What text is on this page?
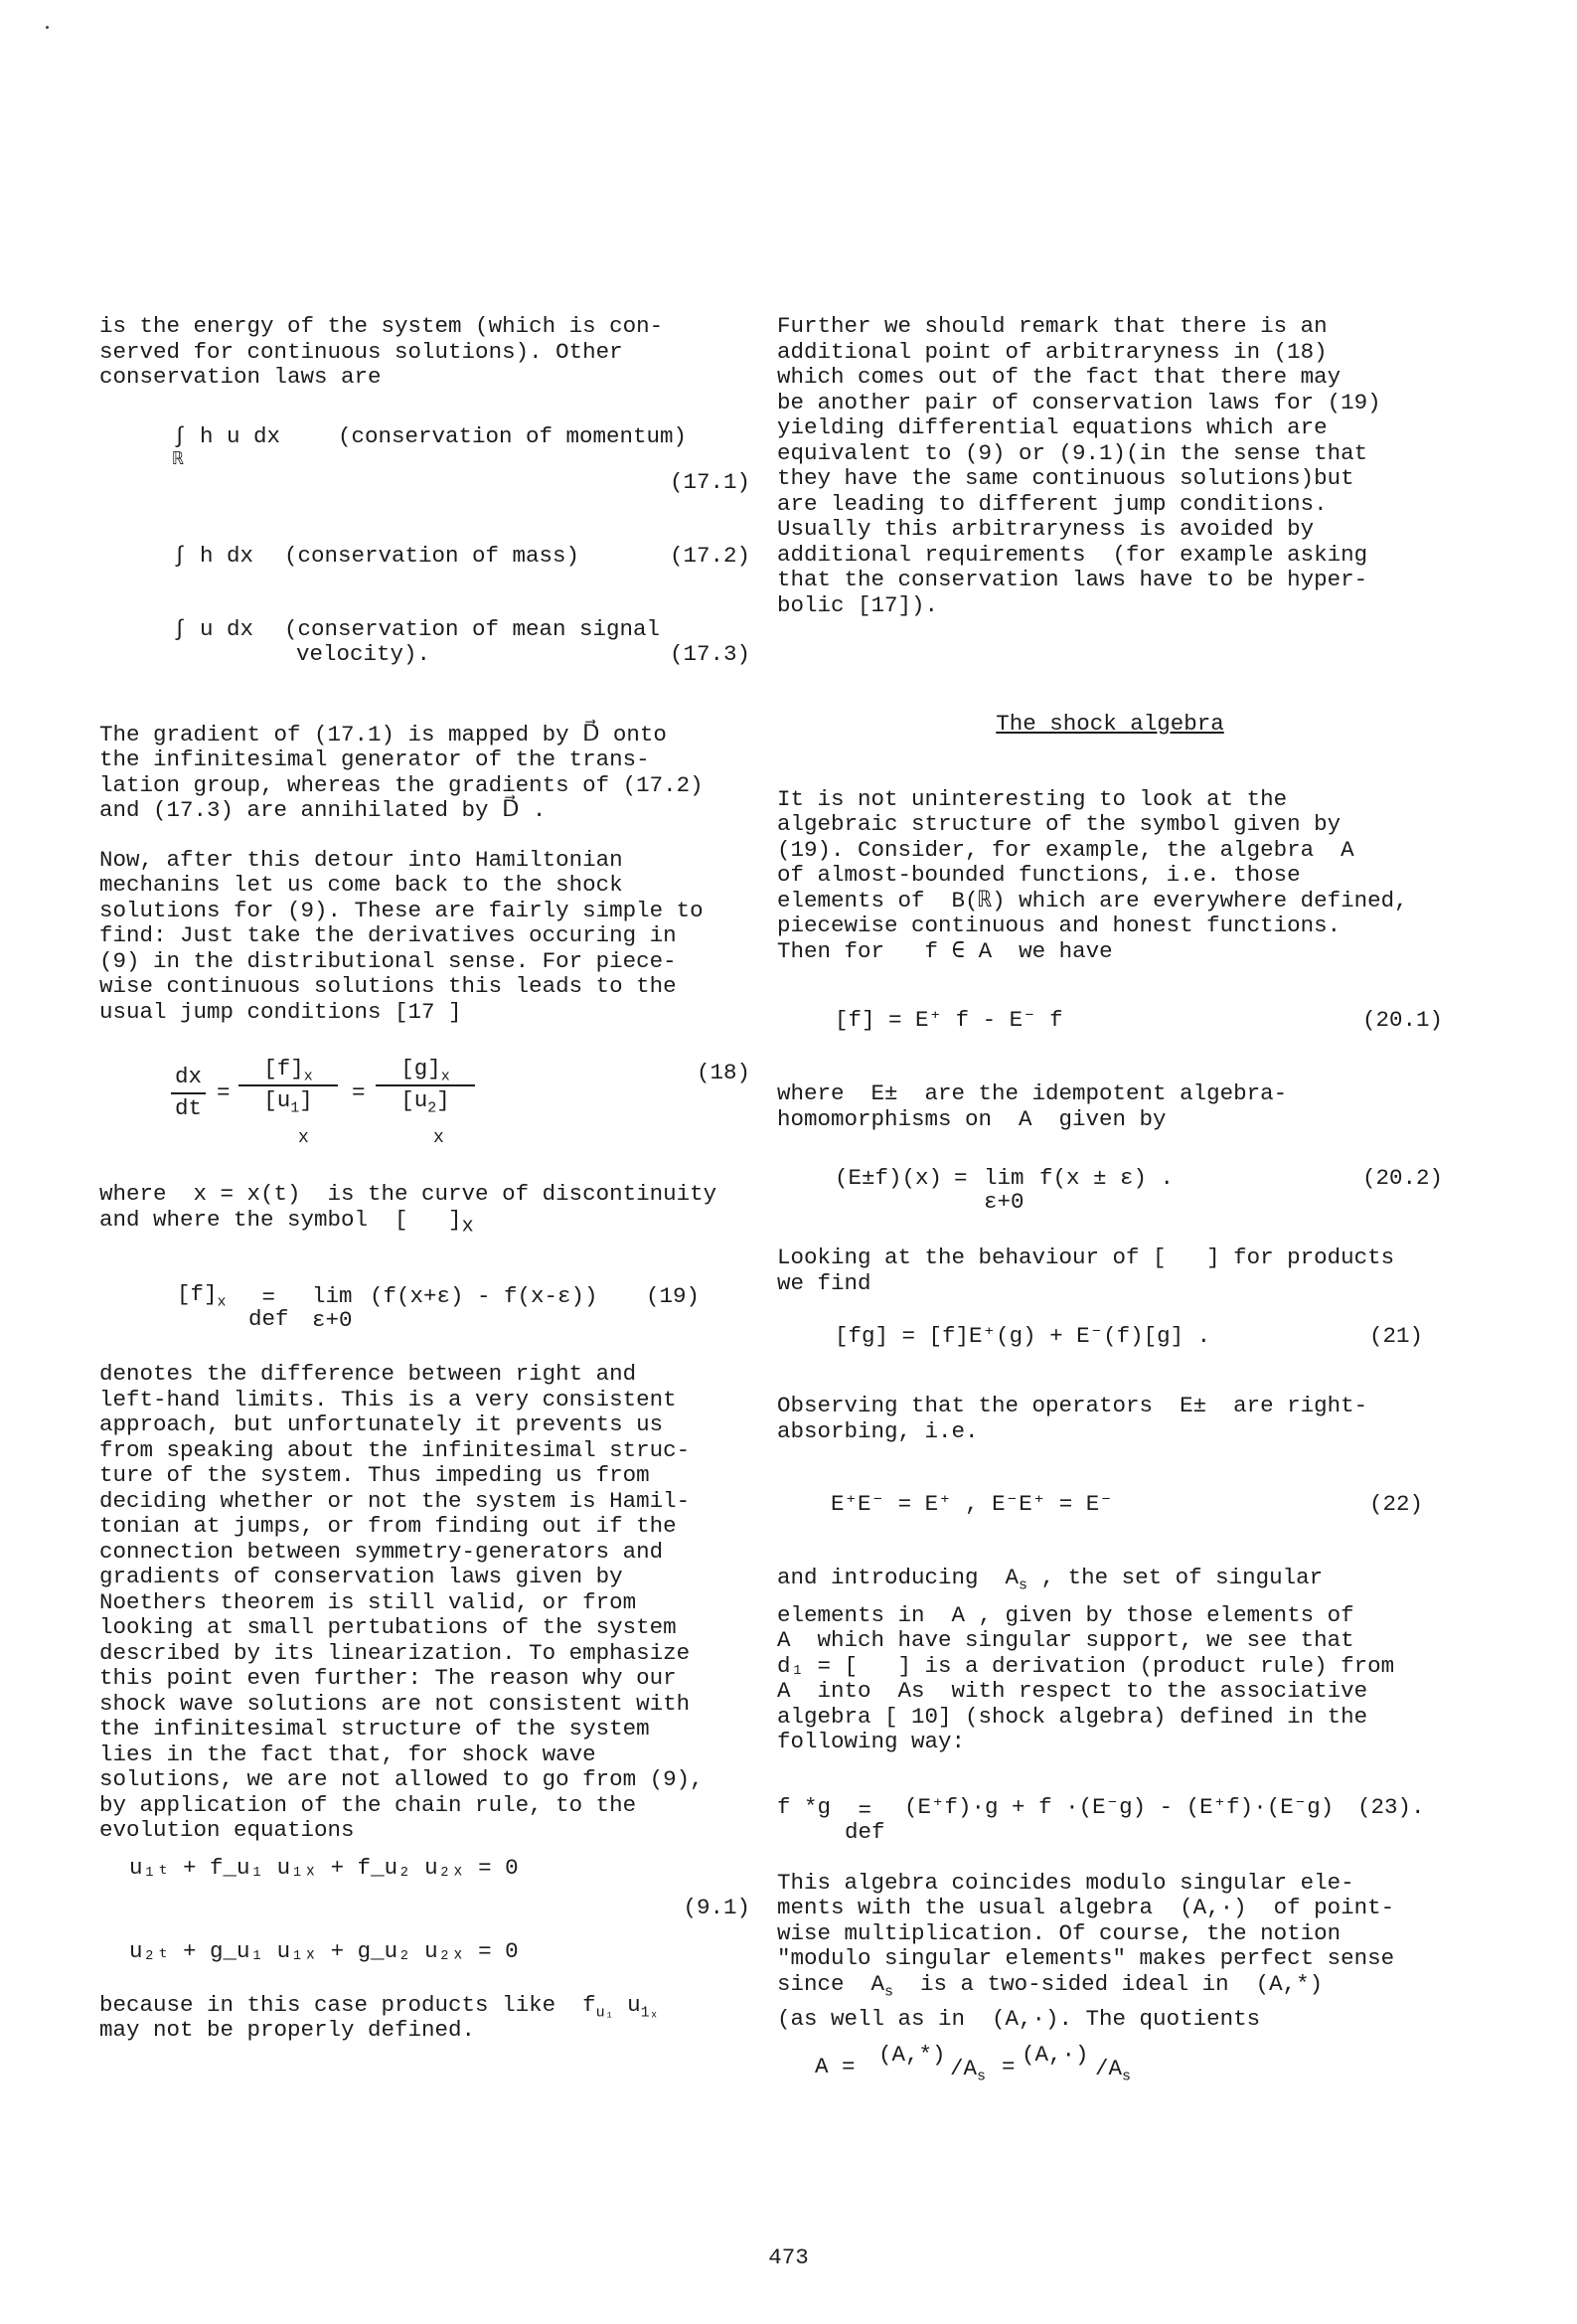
is the energy of the system (which is con-
served for continuous solutions). Other
conservation laws are

∫ h u dx
ℝ
(conservation of momentum)
(17.1)
∫ h dx (conservation of mass)	(17.2)
∫ u dx (conservation of mean signal
velocity).	(17.3)

The gradient of (17.1) is mapped by D⃗ onto
the infinitesimal generator of the trans-
lation group, whereas the gradients of (17.2)
and (17.3) are annihilated by D⃗ .

Now, after this detour into Hamiltonian
mechanins let us come back to the shock
solutions for (9). These are fairly simple to
find: Just take the derivatives occuring in
(9) in the distributional sense. For piece-
wise continuous solutions this leads to the
usual jump conditions [17 ]

$\frac{dx}{dt} = \frac{[f]_x}{[u_1]} = \frac{[g]_x}{[u_2]}$
x	x
(18)

where  x = x(t)  is the curve of discontinuity
and where the symbol  [   ]$_x$

$[f]_x$	=
def
lim
ε+0
(f(x+ε) - f(x-ε)) (19)

denotes the difference between right and
left-hand limits. This is a very consistent
approach, but unfortunately it prevents us
from speaking about the infinitesimal struc-
ture of the system. Thus impeding us from
deciding whether or not the system is Hamil-
tonian at jumps, or from finding out if the
connection between symmetry-generators and
gradients of conservation laws given by
Noethers theorem is still valid, or from
looking at small pertubations of the system
described by its linearization. To emphasize
this point even further: The reason why our
shock wave solutions are not consistent with
the infinitesimal structure of the system
lies in the fact that, for shock wave
solutions, we are not allowed to go from (9),
by application of the chain rule, to the
evolution equations

u₁ₜ + f_u₁ u₁ₓ + f_u₂ u₂ₓ = 0
u₂ₜ + g_u₁ u₁ₓ + g_u₂ u₂ₓ = 0
(9.1)

because in this case products like  $f_{u_1}$ $u_{1_x}$

may not be properly defined.

Further we should remark that there is an
additional point of arbitraryness in (18)
which comes out of the fact that there may
be another pair of conservation laws for (19)
yielding differential equations which are
equivalent to (9) or (9.1)(in the sense that
they have the same continuous solutions)but
are leading to different jump conditions.
Usually this arbitraryness is avoided by
additional requirements  (for example asking
that the conservation laws have to be hyper-
bolic [17]).

The shock algebra

It is not uninteresting to look at the
algebraic structure of the symbol given by
(19). Consider, for example, the algebra  A
of almost-bounded functions, i.e. those
elements of  B(ℝ) which are everywhere defined,
piecewise continuous and honest functions.
Then for   f ∈ A  we have

[f] = E⁺ f - E⁻ f	(20.1)

where  E±  are the idempotent algebra-
homomorphisms on  A  given by

(E±f)(x) = lim
ε+0
f(x ± ε) .	(20.2)

Looking at the behaviour of [   ] for products
we find

[fg] = [f]E⁺(g) + E⁻(f)[g] .	(21)

Observing that the operators  E±  are right-
absorbing, i.e.

E⁺E⁻ = E⁺ , E⁻E⁺ = E⁻	(22)

and introducing  $A_s$ , the set of singular

elements in  A , given by those elements of
A  which have singular support, we see that
d₁ = [   ] is a derivation (product rule) from
A  into  As  with respect to the associative
algebra [ 10] (shock algebra) defined in the
following way:

f *g	=
def
(E⁺f)·g + f ·(E⁻g) - (E⁺f)·(E⁻g) (23).

This algebra coincides modulo singular ele-
ments with the usual algebra  (A,·)  of point-
wise multiplication. Of course, the notion
"modulo singular elements" makes perfect sense
since  $A_s$  is a two-sided ideal in  (A,*)

(as well as in  (A,·). The quotients

A = (A,*)
$/A_s = (A,\cdot)$
$/A_s$
473
